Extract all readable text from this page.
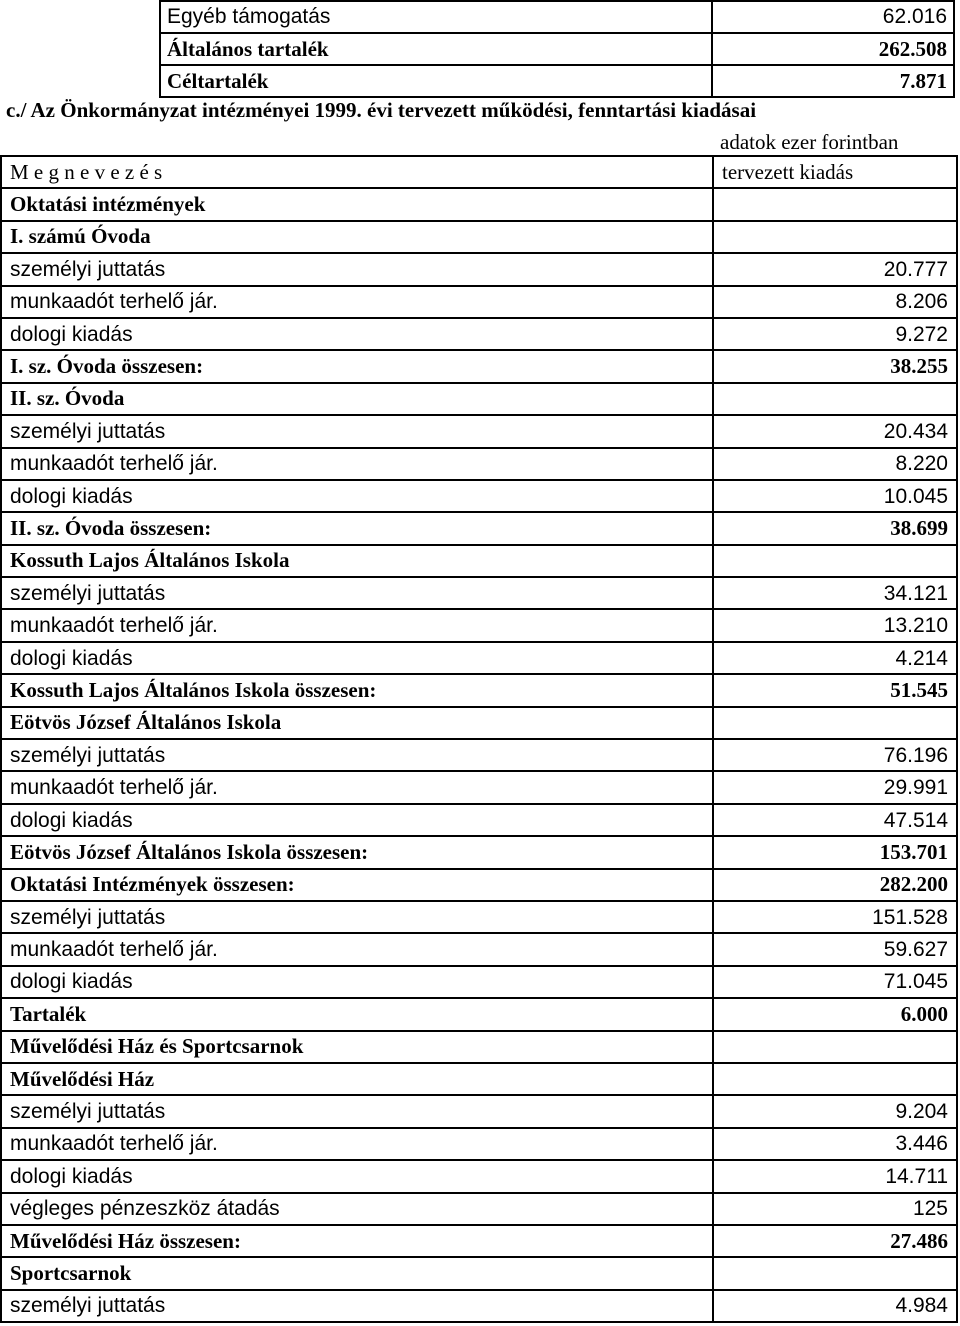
	Egyéb támogatás	62.016
	Általános tartalék	262.508
	Céltartalék	7.871
c./ Az Önkormányzat intézményei 1999. évi tervezett működési, fenntartási kiadásai
adatok ezer forintban
M e g n e v e z é s	tervezett kiadás
Oktatási intézmények	
I. számú Óvoda	
személyi juttatás	20.777
munkaadót terhelő jár.	8.206
dologi kiadás	9.272
I. sz. Óvoda összesen:	38.255
II. sz. Óvoda	
személyi juttatás	20.434
munkaadót terhelő jár.	8.220
dologi kiadás	10.045
II. sz. Óvoda összesen:	38.699
Kossuth Lajos Általános Iskola	
személyi juttatás	34.121
munkaadót terhelő jár.	13.210
dologi kiadás	4.214
Kossuth Lajos Általános Iskola összesen:	51.545
Eötvös József Általános Iskola	
személyi juttatás	76.196
munkaadót terhelő jár.	29.991
dologi kiadás	47.514
Eötvös József Általános Iskola összesen:	153.701
Oktatási Intézmények összesen:	282.200
személyi juttatás	151.528
munkaadót terhelő jár.	59.627
dologi kiadás	71.045
Tartalék	6.000
Művelődési Ház és Sportcsarnok	
Művelődési Ház	
személyi juttatás	9.204
munkaadót terhelő jár.	3.446
dologi kiadás	14.711
végleges pénzeszköz átadás	125
Művelődési Ház összesen:	27.486
Sportcsarnok	
személyi juttatás	4.984
